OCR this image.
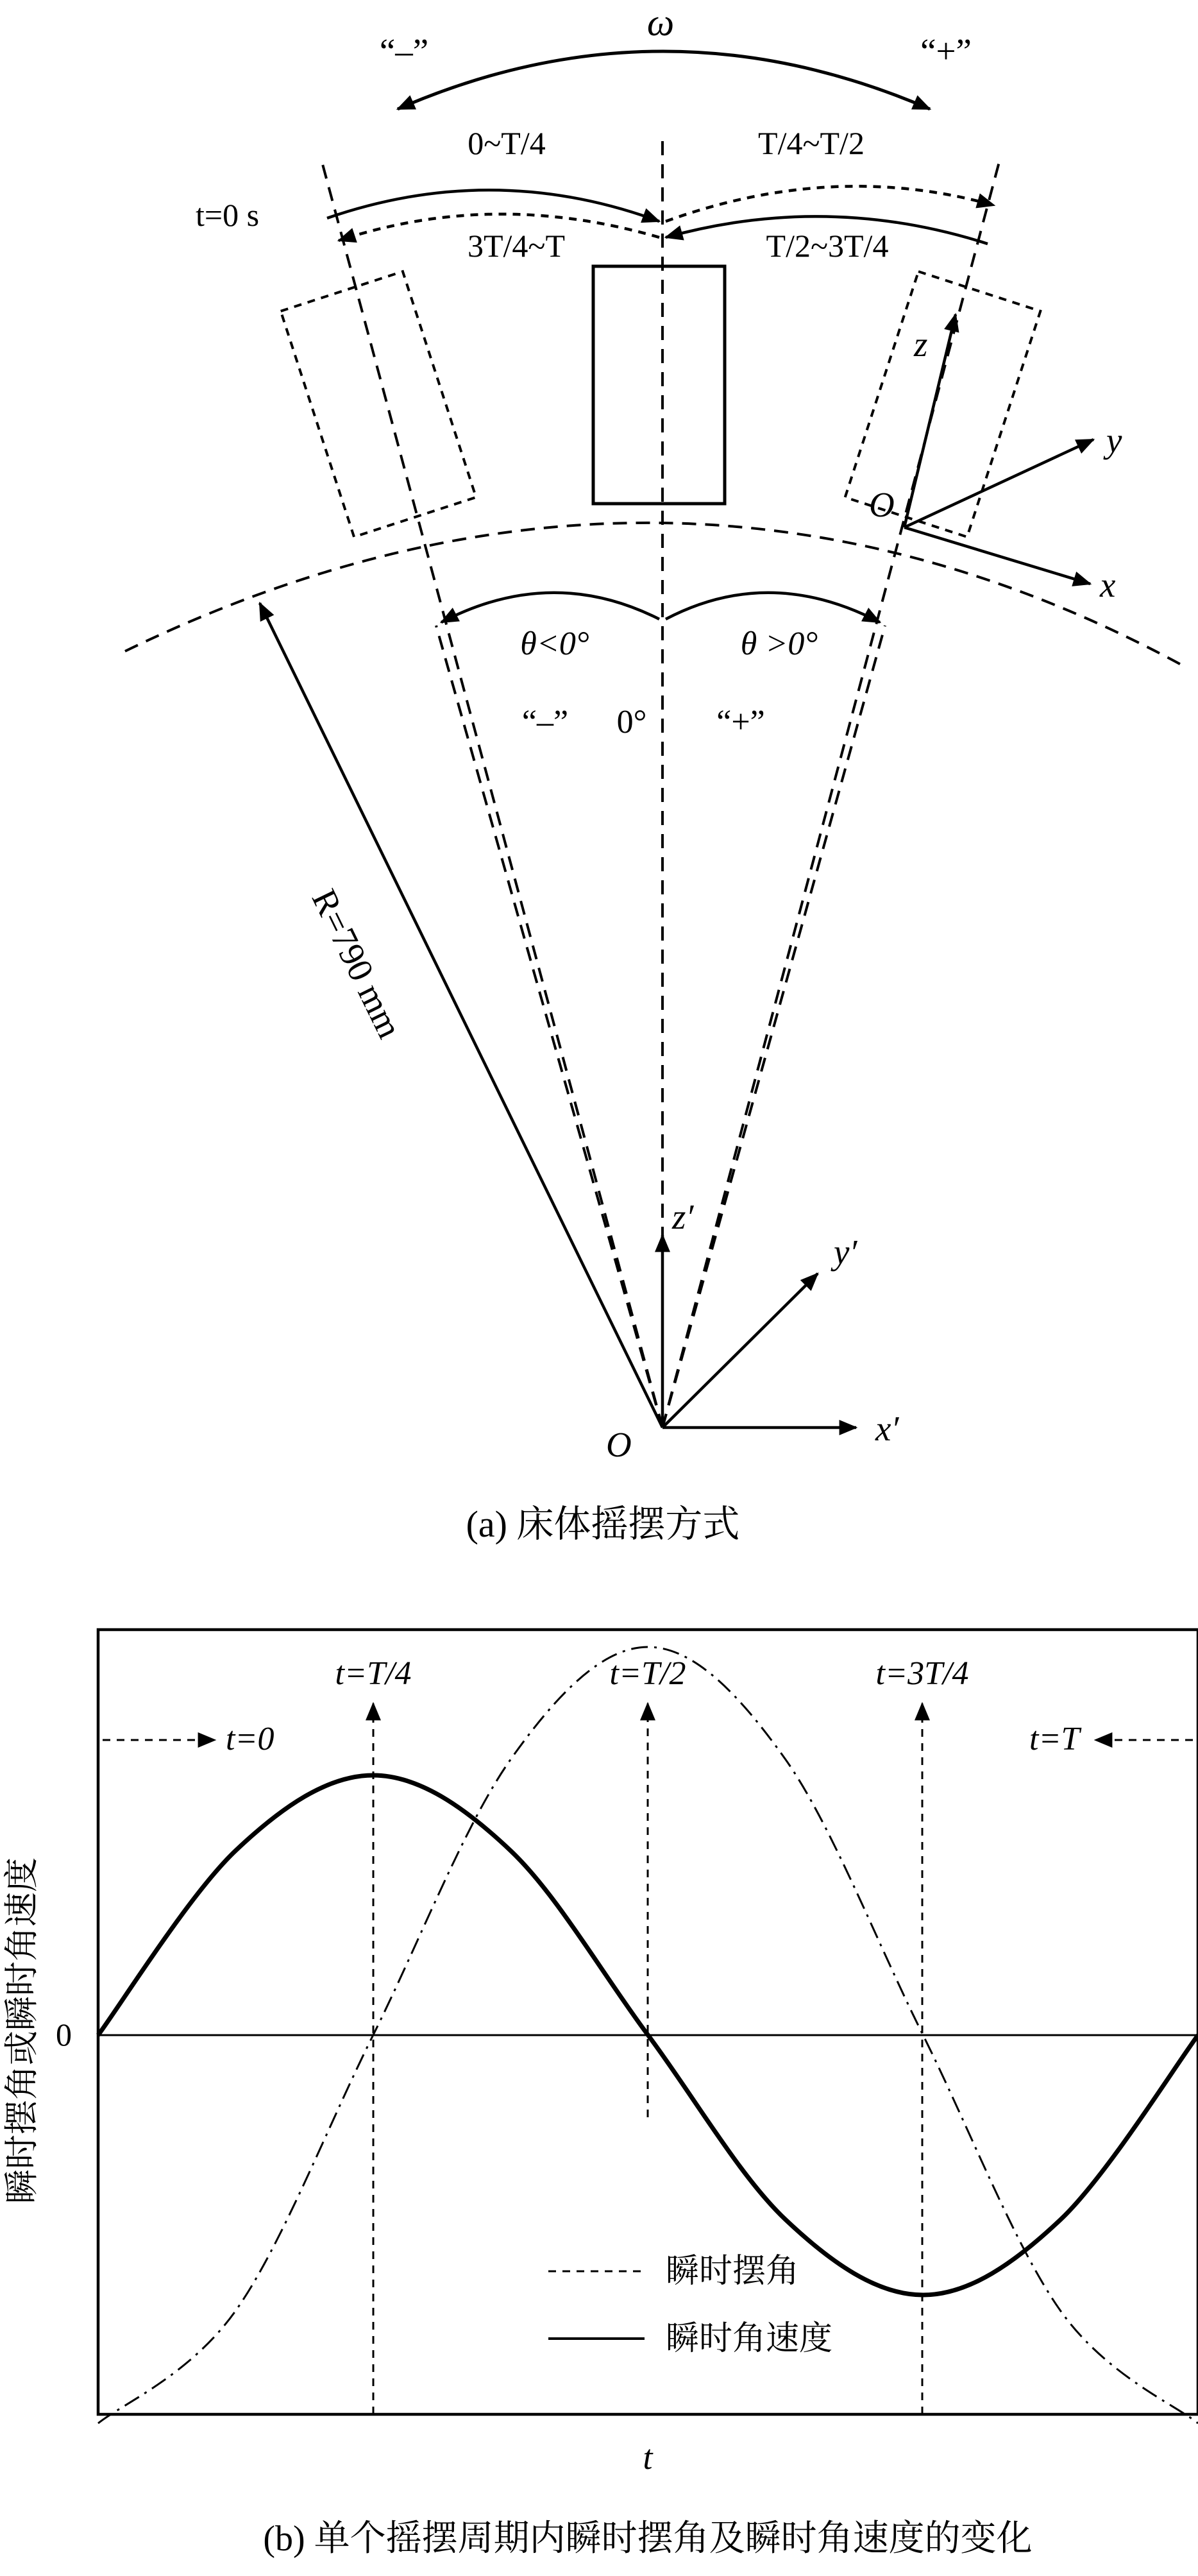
ω
“–”	“+”
0~T/4	T/4~T/2
3T/4~T	T/2~3T/4
t=0 s
z
y
x
O
θ<0°	θ >0°
“–” 0° “+”
R=790 mm
z′
y′
x′
O
(a) 床体摇摆方式
0
瞬时摆角或瞬时角速度
t
t=T/4	t=T/2	t=3T/4
t=0	t=T
瞬时摆角
瞬时角速度
(b) 单个摇摆周期内瞬时摆角及瞬时角速度的变化
